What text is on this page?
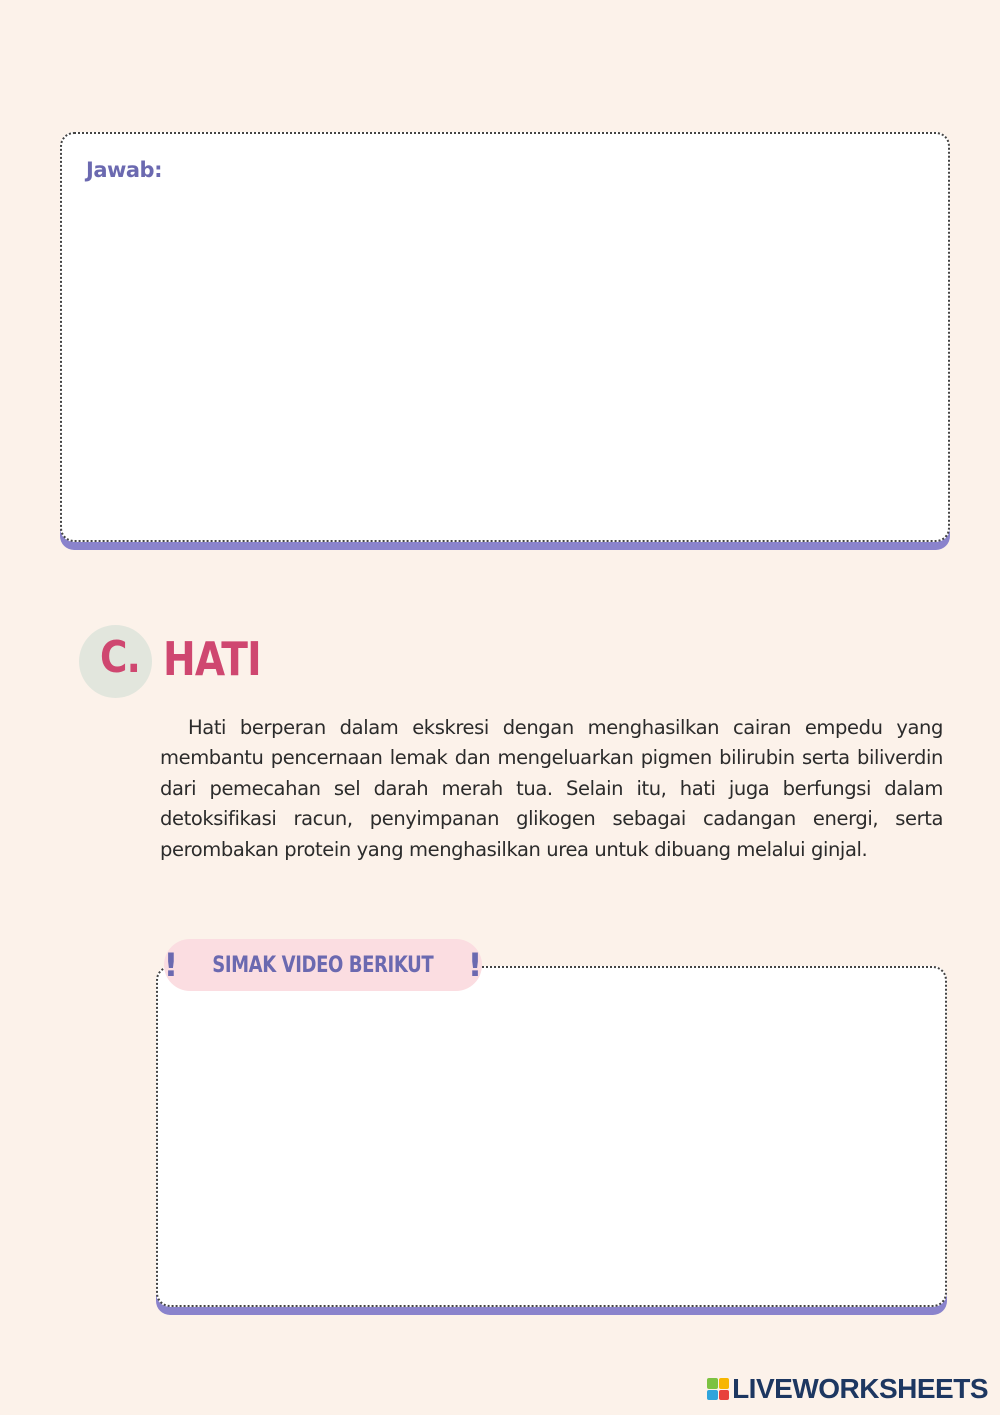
Jawab:
C. HATI

Hati berperan dalam ekskresi dengan menghasilkan cairan empedu yang membantu pencernaan lemak dan mengeluarkan pigmen bilirubin serta biliverdin dari pemecahan sel darah merah tua. Selain itu, hati juga berfungsi dalam detoksifikasi racun, penyimpanan glikogen sebagai cadangan energi, serta perombakan protein yang menghasilkan urea untuk dibuang melalui ginjal.

! SIMAK VIDEO BERIKUT !
LIVEWORKSHEETS
